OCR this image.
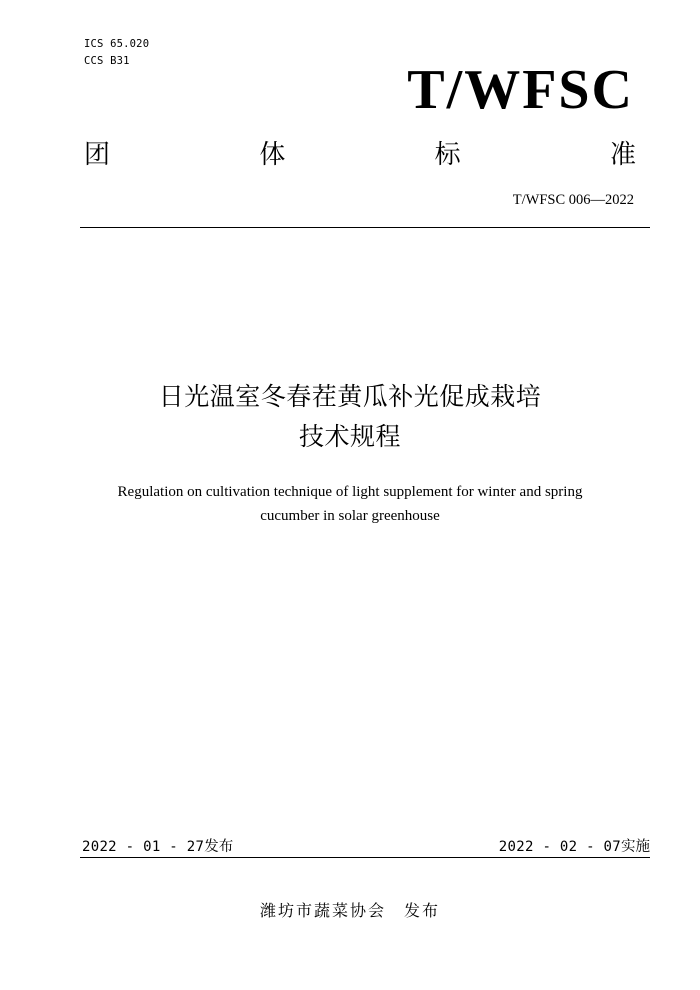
ICS 65.020
CCS B31	T/WFSC
团	体	标	准
T/WFSC 006—2022
日光温室冬春茬黄瓜补光促成栽培
技术规程
Regulation on cultivation technique of light supplement for winter and spring
cucumber in solar greenhouse
2022 - 01 - 27发布	2022 - 02 - 07实施
潍坊市蔬菜协会 发布
